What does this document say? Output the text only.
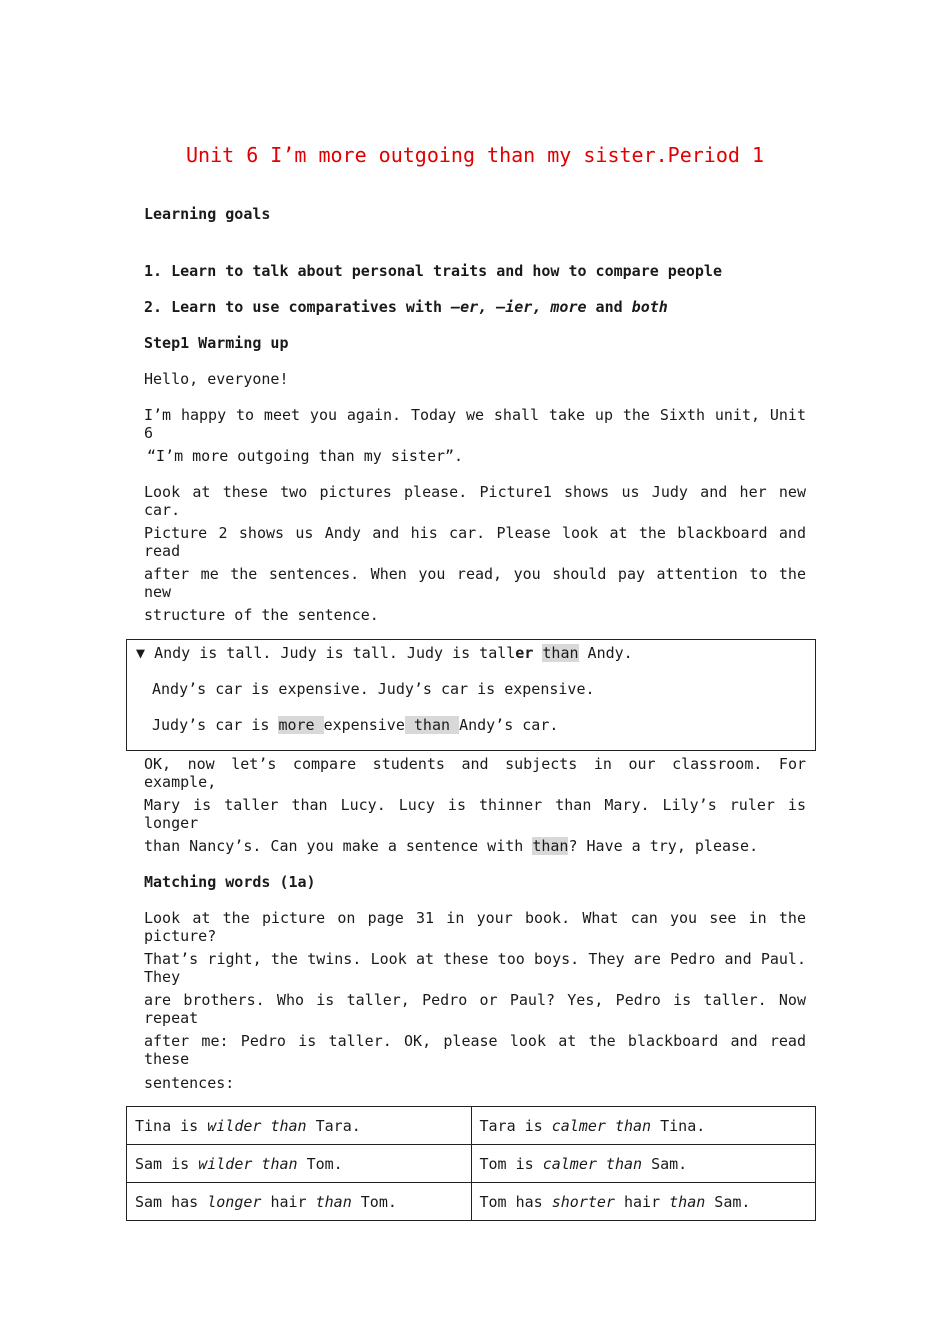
Unit 6 I’m more outgoing than my sister.Period 1
Learning goals
1. Learn to talk about personal traits and how to compare people
2. Learn to use comparatives with –er, –ier, more and both
Step1 Warming up
Hello, everyone!
I’m happy to meet you again. Today we shall take up the Sixth unit, Unit 6
“I’m more outgoing than my sister”.
Look at these two pictures please. Picture1 shows us Judy and her new car.
Picture 2 shows us Andy and his car. Please look at the blackboard and read
after me the sentences. When you read, you should pay attention to the new
structure of the sentence.
▼ Andy is tall. Judy is tall. Judy is taller than Andy.
Andy’s car is expensive. Judy’s car is expensive.
Judy’s car is more expensive than Andy’s car.
OK, now let’s compare students and subjects in our classroom. For example,
Mary is taller than Lucy. Lucy is thinner than Mary. Lily’s ruler is longer
than Nancy’s. Can you make a sentence with than? Have a try, please.
Matching words (1a)
Look at the picture on page 31 in your book. What can you see in the picture?
That’s right, the twins. Look at these too boys. They are Pedro and Paul. They
are brothers. Who is taller, Pedro or Paul? Yes, Pedro is taller. Now repeat
after me: Pedro is taller. OK, please look at the blackboard and read these
sentences:
Tina is wilder than Tara.	Tara is calmer than Tina.
Sam is wilder than Tom.	Tom is calmer than Sam.
Sam has longer hair than Tom.	Tom has shorter hair than Sam.
